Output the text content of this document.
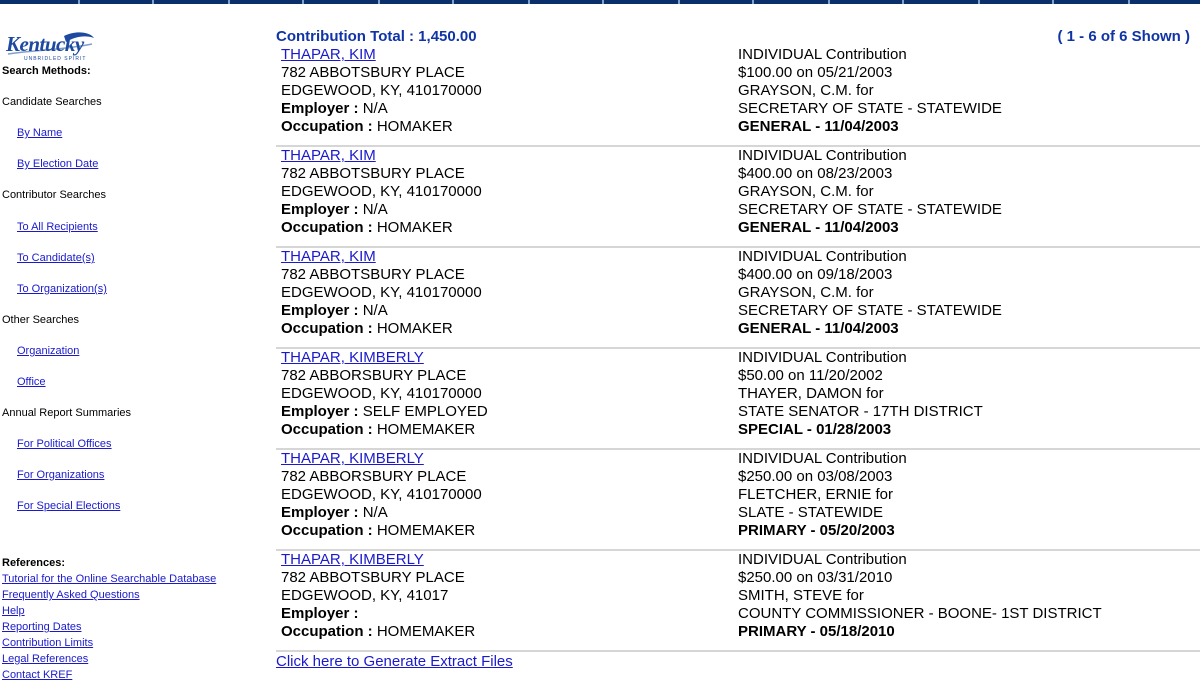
Kentucky
UNBRIDLED SPIRIT
Search Methods:
Candidate Searches
By Name
By Election Date
Contributor Searches
To All Recipients
To Candidate(s)
To Organization(s)
Other Searches
Organization
Office
Annual Report Summaries
For Political Offices
For Organizations
For Special Elections
References:
Tutorial for the Online Searchable Database
Frequently Asked Questions
Help
Reporting Dates
Contribution Limits
Legal References
Contact KREF
Contribution Total : 1,450.00	( 1 - 6 of 6 Shown )
THAPAR, KIM
782 ABBOTSBURY PLACE
EDGEWOOD, KY, 410170000
Employer : N/A
Occupation : HOMAKER
INDIVIDUAL Contribution
$100.00 on 05/21/2003
GRAYSON, C.M. for
SECRETARY OF STATE - STATEWIDE
GENERAL - 11/04/2003
THAPAR, KIM
782 ABBOTSBURY PLACE
EDGEWOOD, KY, 410170000
Employer : N/A
Occupation : HOMAKER
INDIVIDUAL Contribution
$400.00 on 08/23/2003
GRAYSON, C.M. for
SECRETARY OF STATE - STATEWIDE
GENERAL - 11/04/2003
THAPAR, KIM
782 ABBOTSBURY PLACE
EDGEWOOD, KY, 410170000
Employer : N/A
Occupation : HOMAKER
INDIVIDUAL Contribution
$400.00 on 09/18/2003
GRAYSON, C.M. for
SECRETARY OF STATE - STATEWIDE
GENERAL - 11/04/2003
THAPAR, KIMBERLY
782 ABBORSBURY PLACE
EDGEWOOD, KY, 410170000
Employer : SELF EMPLOYED
Occupation : HOMEMAKER
INDIVIDUAL Contribution
$50.00 on 11/20/2002
THAYER, DAMON for
STATE SENATOR - 17TH DISTRICT
SPECIAL - 01/28/2003
THAPAR, KIMBERLY
782 ABBORSBURY PLACE
EDGEWOOD, KY, 410170000
Employer : N/A
Occupation : HOMEMAKER
INDIVIDUAL Contribution
$250.00 on 03/08/2003
FLETCHER, ERNIE for
SLATE - STATEWIDE
PRIMARY - 05/20/2003
THAPAR, KIMBERLY
782 ABBOTSBURY PLACE
EDGEWOOD, KY, 41017
Employer :
Occupation : HOMEMAKER
INDIVIDUAL Contribution
$250.00 on 03/31/2010
SMITH, STEVE for
COUNTY COMMISSIONER - BOONE- 1ST DISTRICT
PRIMARY - 05/18/2010
Click here to Generate Extract Files
